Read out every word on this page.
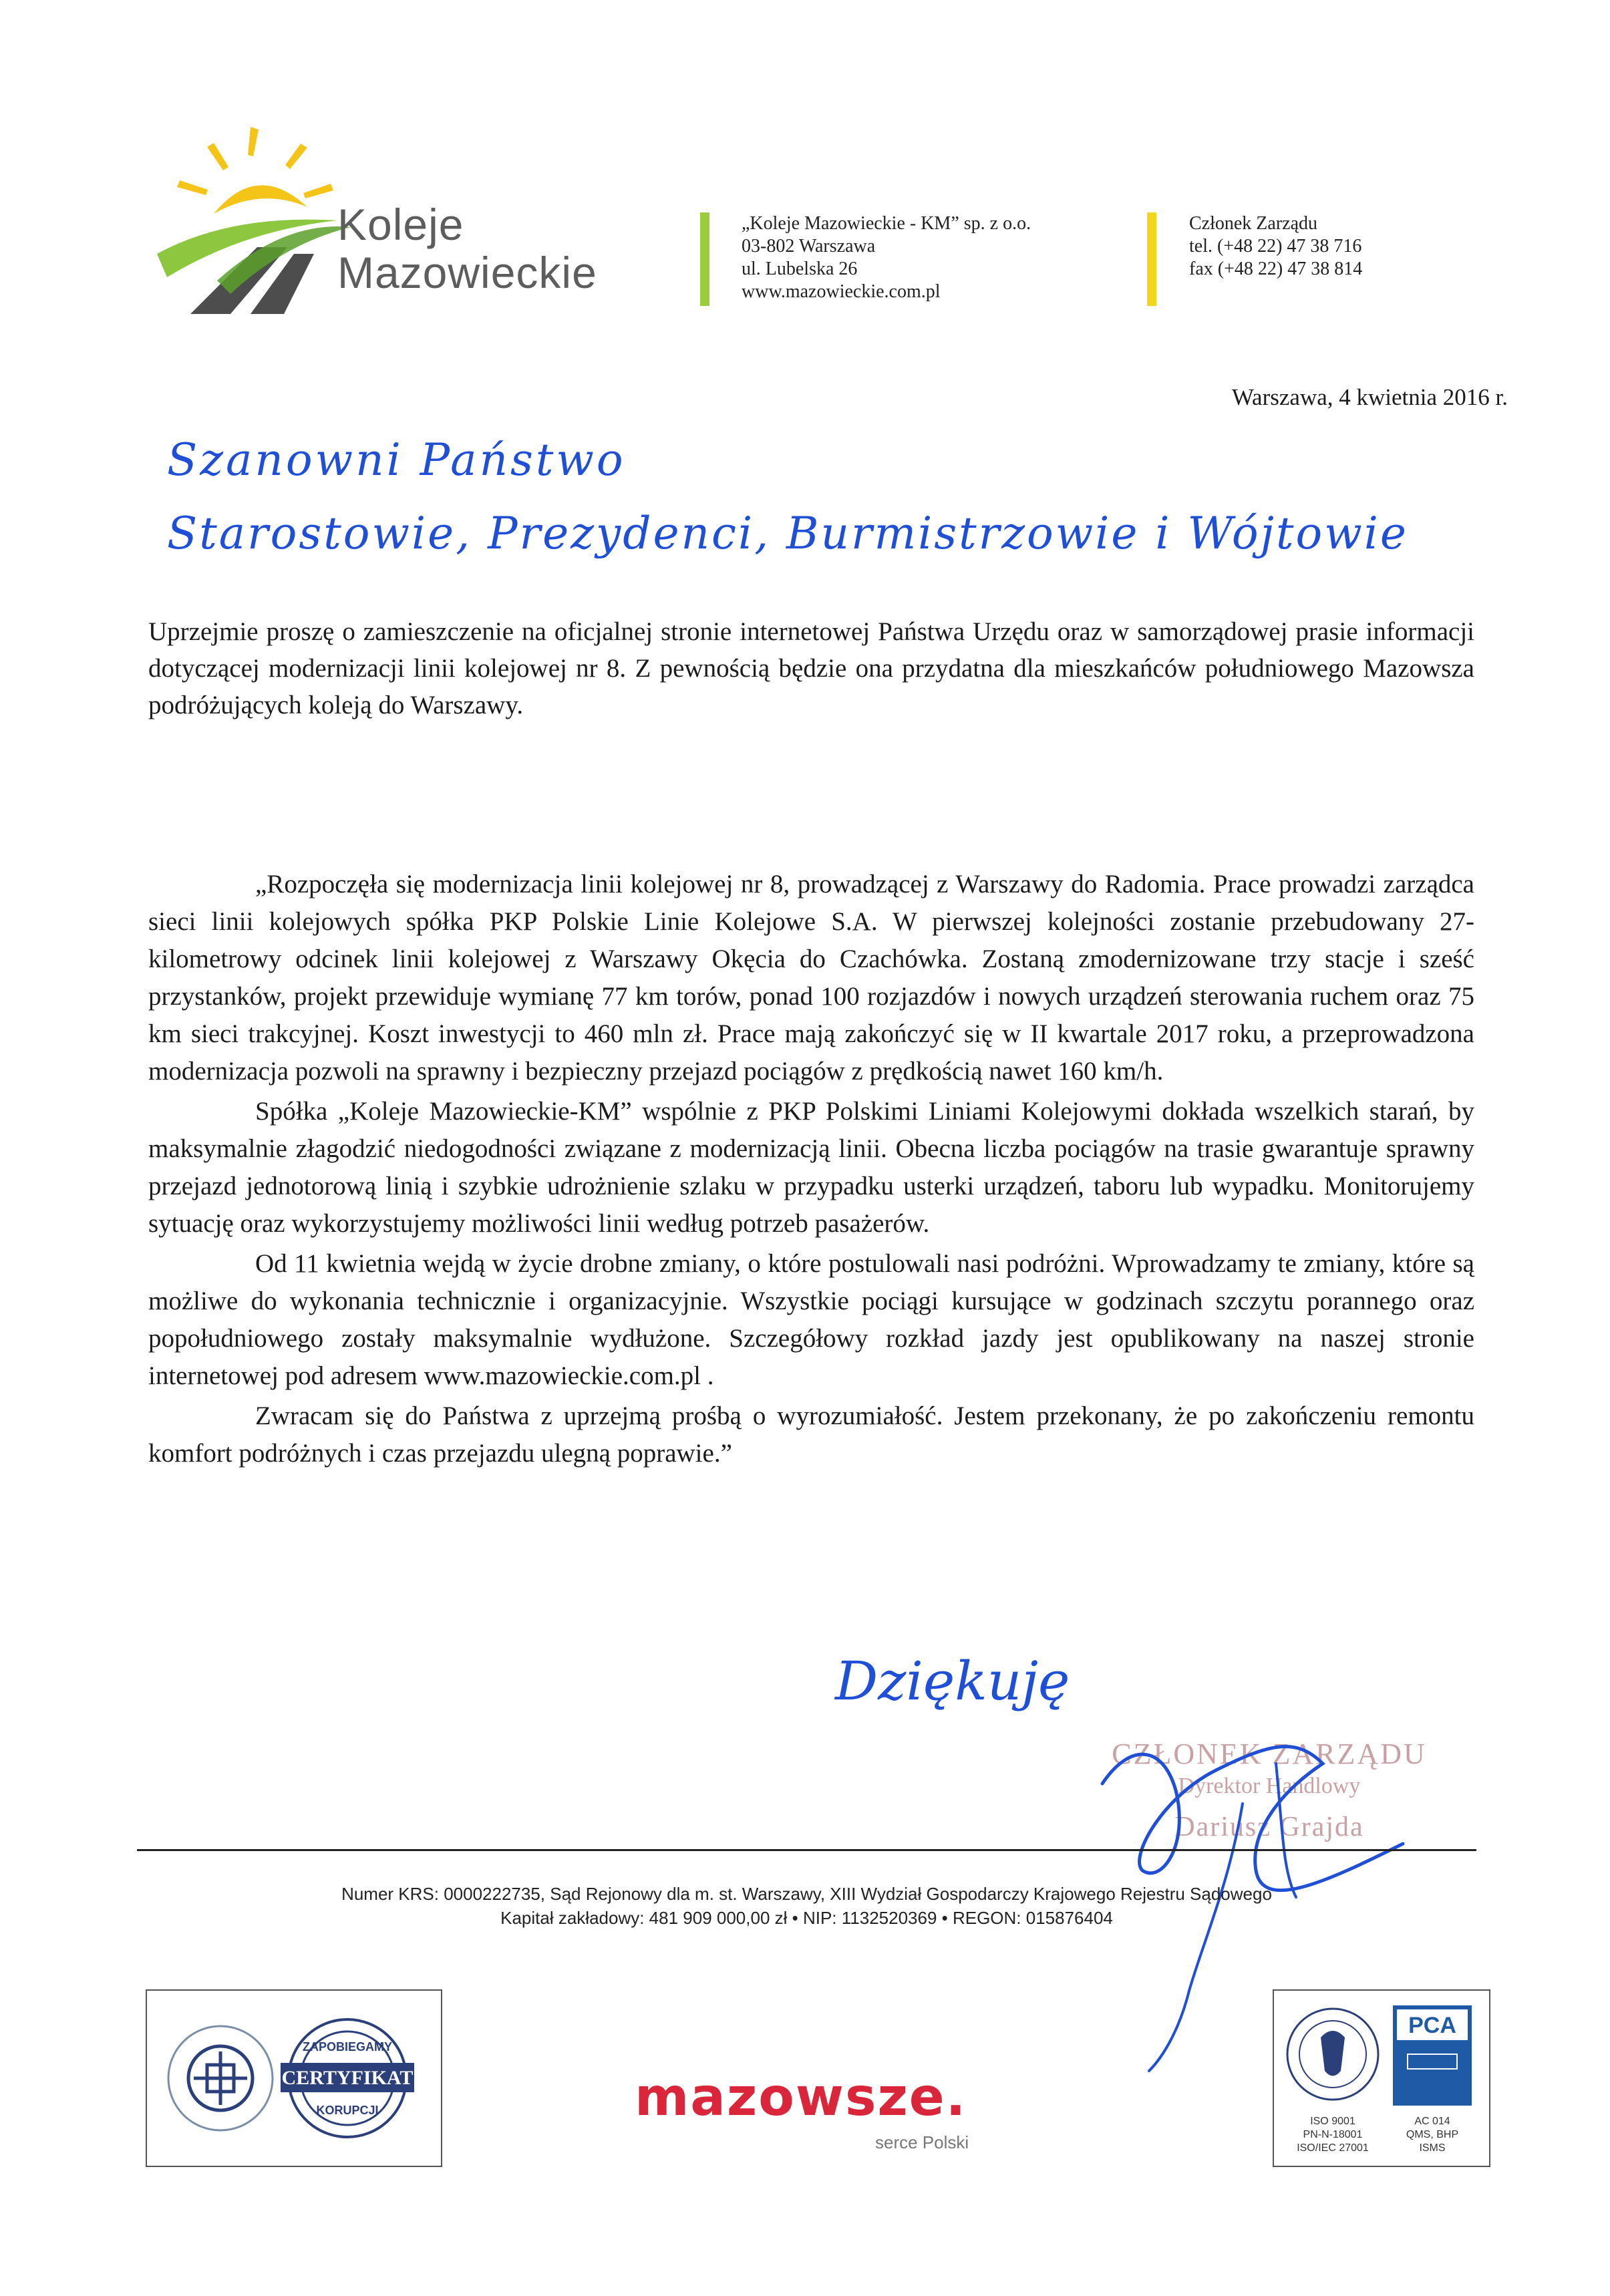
Koleje
Mazowieckie
„Koleje Mazowieckie - KM” sp. z o.o.
03-802 Warszawa
ul. Lubelska 26
www.mazowieckie.com.pl
Członek Zarządu
tel. (+48 22) 47 38 716
fax (+48 22) 47 38 814
Warszawa, 4 kwietnia 2016 r.
Szanowni Państwo
Starostowie, Prezydenci, Burmistrzowie i Wójtowie
Uprzejmie proszę o zamieszczenie na oficjalnej stronie internetowej Państwa Urzędu oraz w samorządowej prasie informacji dotyczącej modernizacji linii kolejowej nr 8. Z pewnością będzie ona przydatna dla mieszkańców południowego Mazowsza podróżujących koleją do Warszawy.

„Rozpoczęła się modernizacja linii kolejowej nr 8, prowadzącej z Warszawy do Radomia. Prace prowadzi zarządca sieci linii kolejowych spółka PKP Polskie Linie Kolejowe S.A. W pierwszej kolejności zostanie przebudowany 27-kilometrowy odcinek linii kolejowej z Warszawy Okęcia do Czachówka. Zostaną zmodernizowane trzy stacje i sześć przystanków, projekt przewiduje wymianę 77 km torów, ponad 100 rozjazdów i nowych urządzeń sterowania ruchem oraz 75 km sieci trakcyjnej. Koszt inwestycji to 460 mln zł. Prace mają zakończyć się w II kwartale 2017 roku, a przeprowadzona modernizacja pozwoli na sprawny i bezpieczny przejazd pociągów z prędkością nawet 160 km/h.

Spółka „Koleje Mazowieckie-KM” wspólnie z PKP Polskimi Liniami Kolejowymi dokłada wszelkich starań, by maksymalnie złagodzić niedogodności związane z modernizacją linii. Obecna liczba pociągów na trasie gwarantuje sprawny przejazd jednotorową linią i szybkie udrożnienie szlaku w przypadku usterki urządzeń, taboru lub wypadku. Monitorujemy sytuację oraz wykorzystujemy możliwości linii według potrzeb pasażerów.

Od 11 kwietnia wejdą w życie drobne zmiany, o które postulowali nasi podróżni. Wprowadzamy te zmiany, które są możliwe do wykonania technicznie i organizacyjnie. Wszystkie pociągi kursujące w godzinach szczytu porannego oraz popołudniowego zostały maksymalnie wydłużone. Szczegółowy rozkład jazdy jest opublikowany na naszej stronie internetowej pod adresem www.mazowieckie.com.pl .

Zwracam się do Państwa z uprzejmą prośbą o wyrozumiałość. Jestem przekonany, że po zakończeniu remontu komfort podróżnych i czas przejazdu ulegną poprawie.”

CZŁONEK ZARZĄDU
Dyrektor Handlowy
Dariusz Grajda
Dziękuję
Numer KRS: 0000222735, Sąd Rejonowy dla m. st. Warszawy, XIII Wydział Gospodarczy Krajowego Rejestru Sądowego
Kapitał zakładowy: 481 909 000,00 zł • NIP: 1132520369 • REGON: 015876404
CERTYFIKAT
ZAPOBIEGAMY
KORUPCJI	mazowsze.
serce Polski
PCA
ISO 9001
PN-N-18001
ISO/IEC 27001
AC 014
QMS, BHP
ISMS
